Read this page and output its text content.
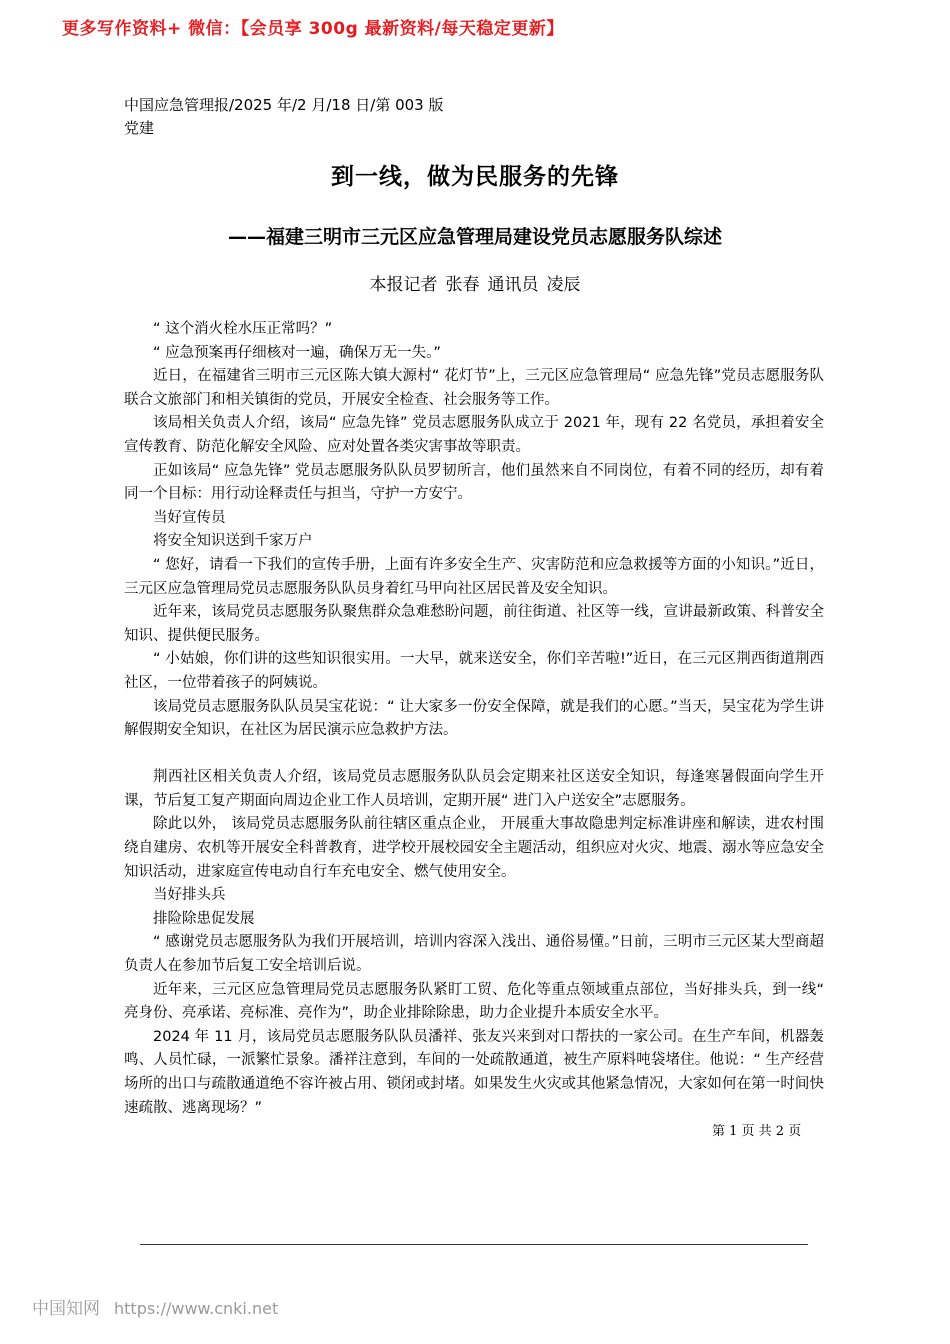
更多写作资料+ 微信：【会员享 300g 最新资料/每天稳定更新】
中国应急管理报/2025 年/2 月/18 日/第 003 版党建
到一线，做为民服务的先锋
——福建三明市三元区应急管理局建设党员志愿服务队综述
本报记者 张春 通讯员 凌辰

“ 这个消火栓水压正常吗？”

“ 应急预案再仔细核对一遍，确保万无一失。”

近日，在福建省三明市三元区陈大镇大源村“ 花灯节”上，三元区应急管理局“ 应急先锋”党员志愿服务队联合文旅部门和相关镇街的党员，开展安全检查、社会服务等工作。

该局相关负责人介绍，该局“ 应急先锋” 党员志愿服务队成立于 2021 年，现有 22 名党员，承担着安全宣传教育、防范化解安全风险、应对处置各类灾害事故等职责。

正如该局“ 应急先锋” 党员志愿服务队队员罗韧所言，他们虽然来自不同岗位，有着不同的经历，却有着同一个目标：用行动诠释责任与担当，守护一方安宁。

当好宣传员

将安全知识送到千家万户

“ 您好，请看一下我们的宣传手册，上面有许多安全生产、灾害防范和应急救援等方面的小知识。”近日，三元区应急管理局党员志愿服务队队员身着红马甲向社区居民普及安全知识。

近年来，该局党员志愿服务队聚焦群众急难愁盼问题，前往街道、社区等一线，宣讲最新政策、科普安全知识、提供便民服务。

“ 小姑娘，你们讲的这些知识很实用。一大早，就来送安全，你们辛苦啦!”近日，在三元区荆西街道荆西社区，一位带着孩子的阿姨说。

该局党员志愿服务队队员吴宝花说：“ 让大家多一份安全保障，就是我们的心愿。”当天，吴宝花为学生讲解假期安全知识，在社区为居民演示应急救护方法。

荆西社区相关负责人介绍，该局党员志愿服务队队员会定期来社区送安全知识，每逢寒暑假面向学生开课，节后复工复产期面向周边企业工作人员培训，定期开展“ 进门入户送安全”志愿服务。

除此以外， 该局党员志愿服务队前往辖区重点企业， 开展重大事故隐患判定标准讲座和解读，进农村围绕自建房、农机等开展安全科普教育，进学校开展校园安全主题活动，组织应对火灾、地震、溺水等应急安全知识活动，进家庭宣传电动自行车充电安全、燃气使用安全。

当好排头兵

排险除患促发展

“ 感谢党员志愿服务队为我们开展培训，培训内容深入浅出、通俗易懂。”日前，三明市三元区某大型商超负责人在参加节后复工安全培训后说。

近年来，三元区应急管理局党员志愿服务队紧盯工贸、危化等重点领域重点部位，当好排头兵，到一线“ 亮身份、亮承诺、亮标准、亮作为”，助企业排除除患，助力企业提升本质安全水平。

2024 年 11 月，该局党员志愿服务队队员潘祥、张友兴来到对口帮扶的一家公司。在生产车间，机器轰鸣、人员忙碌，一派繁忙景象。潘祥注意到，车间的一处疏散通道，被生产原料吨袋堵住。他说：“ 生产经营场所的出口与疏散通道绝不容许被占用、锁闭或封堵。如果发生火灾或其他紧急情况，大家如何在第一时间快速疏散、逃离现场？”

第 1 页 共 2 页
中国知网 https://www.cnki.net
